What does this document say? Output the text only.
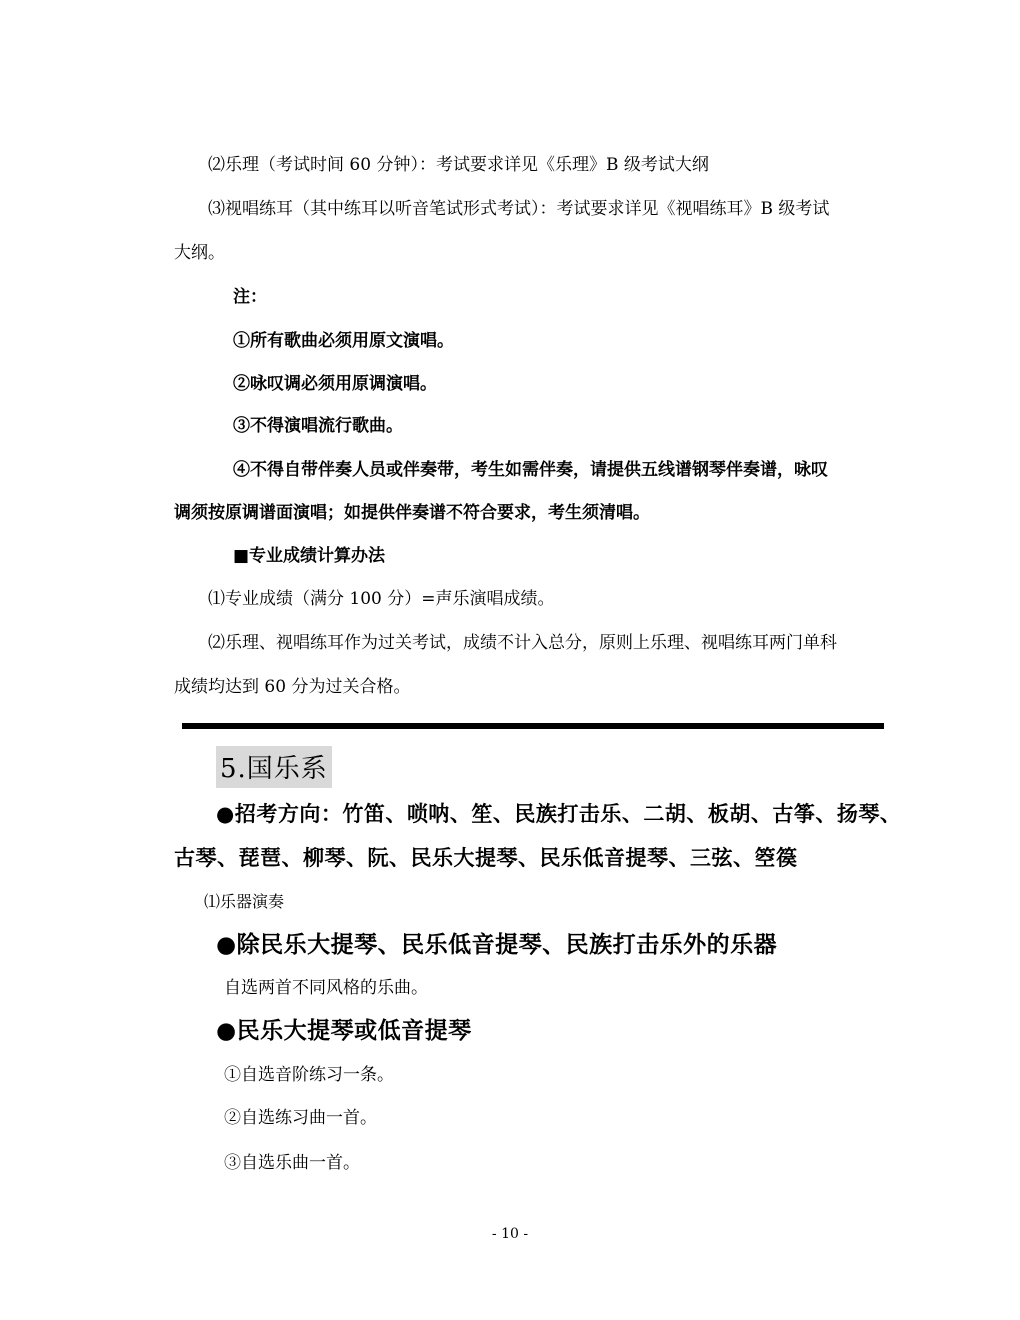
⑵乐理（考试时间 60 分钟）：考试要求详见《乐理》B 级考试大纲
⑶视唱练耳（其中练耳以听音笔试形式考试）：考试要求详见《视唱练耳》B 级考试
大纲。
注：
①所有歌曲必须用原文演唱。
②咏叹调必须用原调演唱。
③不得演唱流行歌曲。
④不得自带伴奏人员或伴奏带，考生如需伴奏，请提供五线谱钢琴伴奏谱，咏叹
调须按原调谱面演唱；如提供伴奏谱不符合要求，考生须清唱。
■专业成绩计算办法
⑴专业成绩（满分 100 分）=声乐演唱成绩。
⑵乐理、视唱练耳作为过关考试，成绩不计入总分，原则上乐理、视唱练耳两门单科
成绩均达到 60 分为过关合格。
5.国乐系
●招考方向：竹笛、唢呐、笙、民族打击乐、二胡、板胡、古筝、扬琴、
古琴、琵琶、柳琴、阮、民乐大提琴、民乐低音提琴、三弦、箜篌
⑴乐器演奏
●除民乐大提琴、民乐低音提琴、民族打击乐外的乐器
自选两首不同风格的乐曲。
●民乐大提琴或低音提琴
①自选音阶练习一条。
②自选练习曲一首。
③自选乐曲一首。
- 10 -
